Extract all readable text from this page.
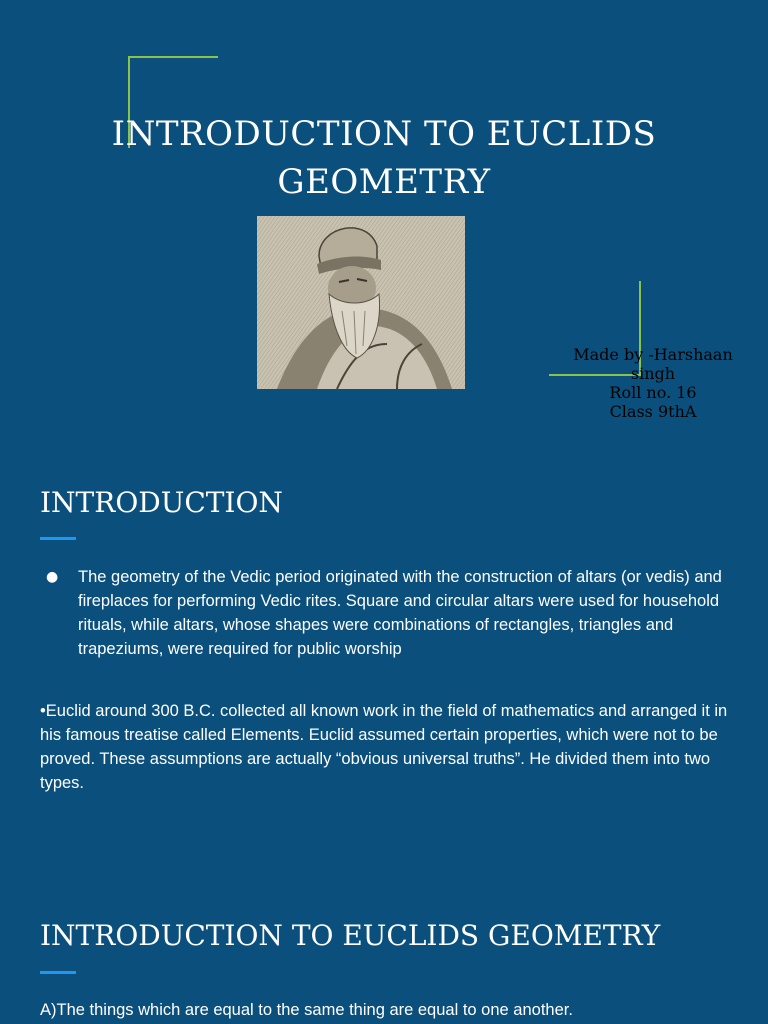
INTRODUCTION TO EUCLIDS GEOMETRY
Made by -Harshaan singh
Roll no. 16
Class 9thA
INTRODUCTION
● The geometry of the Vedic period originated with the construction of altars (or vedis) and fireplaces for performing Vedic rites. Square and circular altars were used for household rituals, while altars, whose shapes were combinations of rectangles, triangles and trapeziums, were required for public worship

•Euclid around 300 B.C. collected all known work in the field of mathematics and arranged it in his famous treatise called Elements. Euclid assumed certain properties, which were not to be proved. These assumptions are actually “obvious universal truths”. He divided them into two types.

INTRODUCTION TO EUCLIDS GEOMETRY

A)The things which are equal to the same thing are equal to one another.
